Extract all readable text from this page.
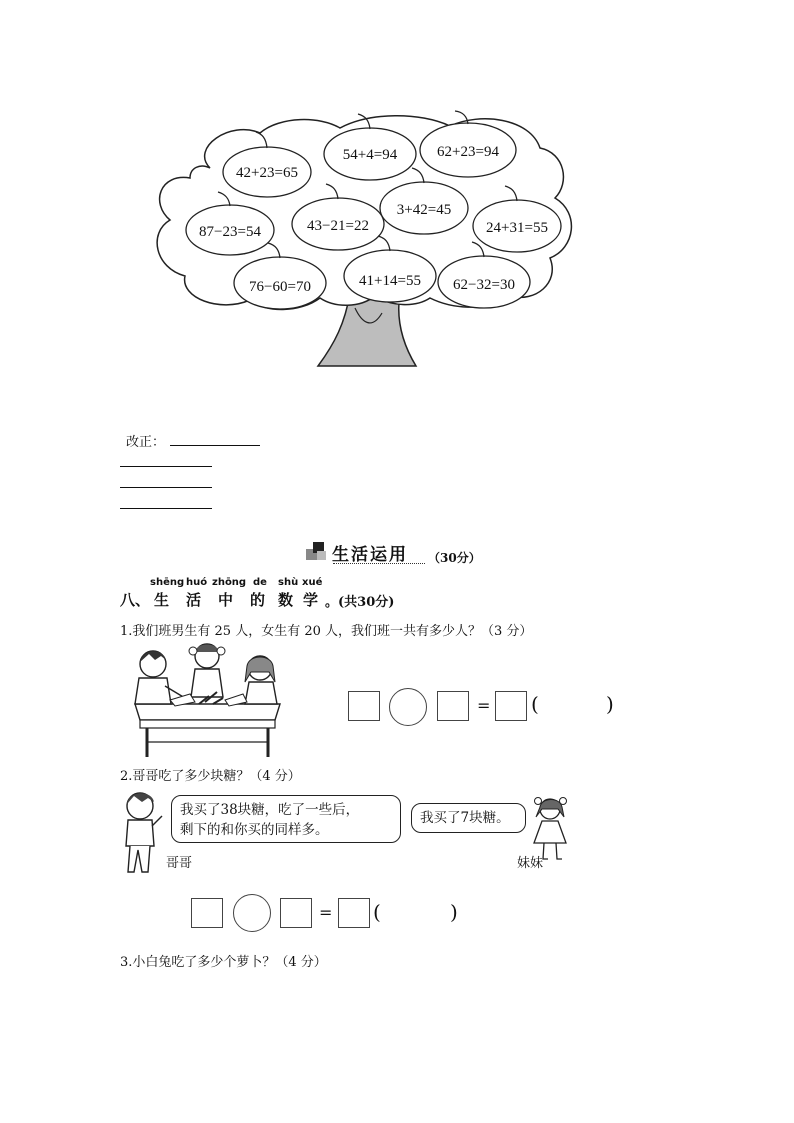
42+23=65
54+4=94	62+23=94
87−23=54	43−21=22
3+42=45
24+31=55
76−60=70	41+14=55 62−32=30
改正：
生活运用 （30分）
八、
shēng huó zhōng de shù xué
生 活 中 的 数 学 。(共30分)
1.我们班男生有 25 人，女生有 20 人，我们班一共有多少人？（3 分）
= (	)
2.哥哥吃了多少块糖？（4 分）
我买了38块糖，吃了一些后，
剩下的和你买的同样多。
我买了7块糖。
哥哥	妹妹
= (	)
3.小白兔吃了多少个萝卜？（4 分）
